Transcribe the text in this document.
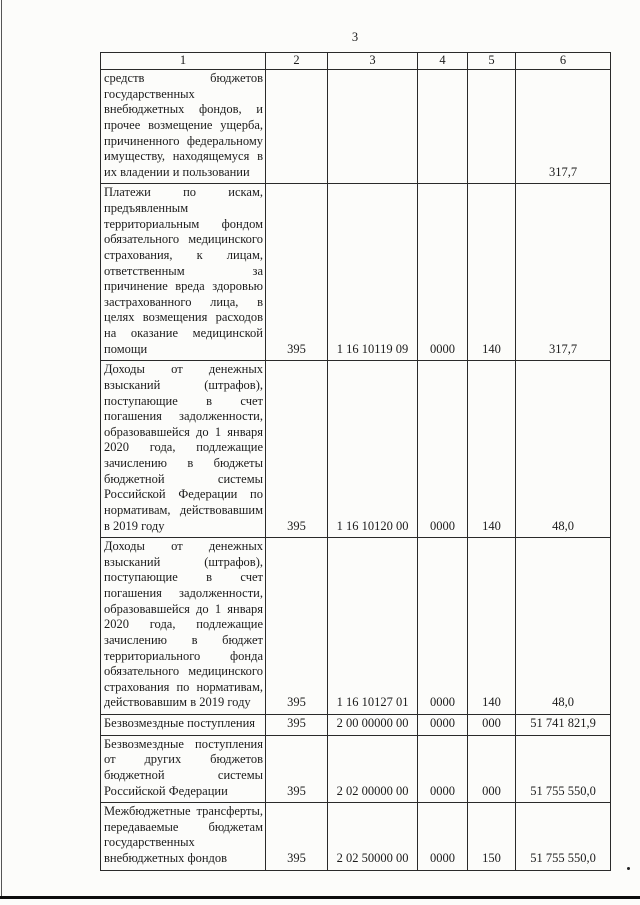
3
1	2	3	4	5	6
средств бюджетов государственных внебюджетных фондов, и прочее возмещение ущерба, причиненного федеральному имуществу, находящемуся в их владении и пользовании					317,7
Платежи по искам, предъявленным территориальным фондом обязательного медицинского страхования, к лицам, ответственным за причинение вреда здоровью застрахованного лица, в целях возмещения расходов на оказание медицинской помощи	395	1 16 10119 09	0000	140	317,7
Доходы от денежных взысканий (штрафов), поступающие в счет погашения задолженности, образовавшейся до 1 января 2020 года, подлежащие зачислению в бюджеты бюджетной системы Российской Федерации по нормативам, действовавшим в 2019 году	395	1 16 10120 00	0000	140	48,0
Доходы от денежных взысканий (штрафов), поступающие в счет погашения задолженности, образовавшейся до 1 января 2020 года, подлежащие зачислению в бюджет территориального фонда обязательного медицинского страхования по нормативам, действовавшим в 2019 году	395	1 16 10127 01	0000	140	48,0
Безвозмездные поступления	395	2 00 00000 00	0000	000	51 741 821,9
Безвозмездные поступления от других бюджетов бюджетной системы Российской Федерации	395	2 02 00000 00	0000	000	51 755 550,0
Межбюджетные трансферты, передаваемые бюджетам государственных внебюджетных фондов	395	2 02 50000 00	0000	150	51 755 550,0
